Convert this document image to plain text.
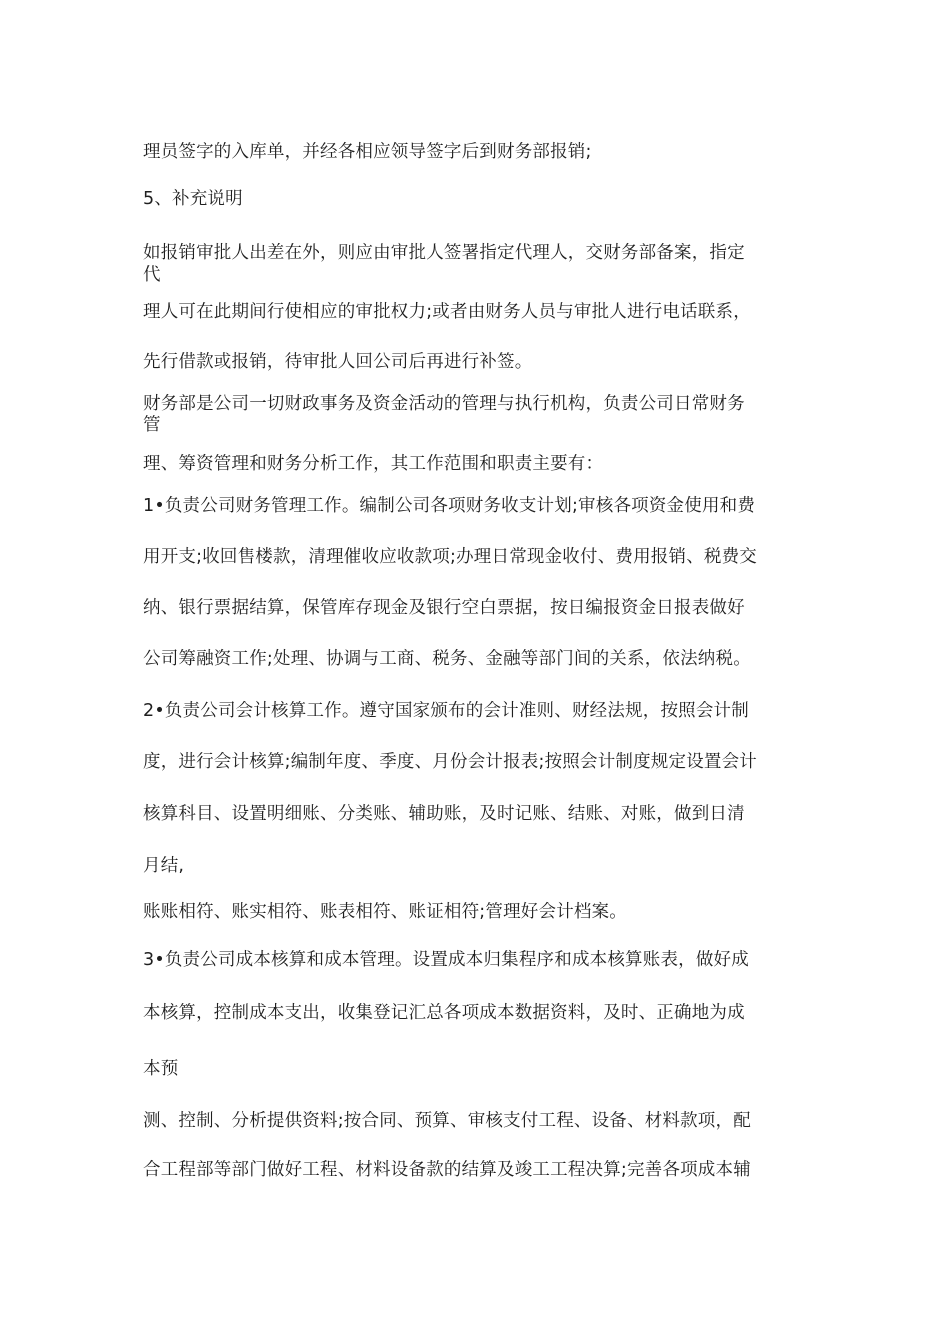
理员签字的入库单，并经各相应领导签字后到财务部报销;
5、补充说明
如报销审批人出差在外，则应由审批人签署指定代理人，交财务部备案，指定
代
理人可在此期间行使相应的审批权力;或者由财务人员与审批人进行电话联系，
先行借款或报销，待审批人回公司后再进行补签。
财务部是公司一切财政事务及资金活动的管理与执行机构，负责公司日常财务
管
理、筹资管理和财务分析工作，其工作范围和职责主要有：
1•负责公司财务管理工作。编制公司各项财务收支计划;审核各项资金使用和费
用开支;收回售楼款，清理催收应收款项;办理日常现金收付、费用报销、税费交
纳、银行票据结算，保管库存现金及银行空白票据，按日编报资金日报表做好
公司筹融资工作;处理、协调与工商、税务、金融等部门间的关系，依法纳税。
2•负责公司会计核算工作。遵守国家颁布的会计准则、财经法规，按照会计制
度，进行会计核算;编制年度、季度、月份会计报表;按照会计制度规定设置会计
核算科目、设置明细账、分类账、辅助账，及时记账、结账、对账，做到日清
月结,
账账相符、账实相符、账表相符、账证相符;管理好会计档案。
3•负责公司成本核算和成本管理。设置成本归集程序和成本核算账表，做好成
本核算，控制成本支出，收集登记汇总各项成本数据资料，及时、正确地为成
本预
测、控制、分析提供资料;按合同、预算、审核支付工程、设备、材料款项，配
合工程部等部门做好工程、材料设备款的结算及竣工工程决算;完善各项成本辅
